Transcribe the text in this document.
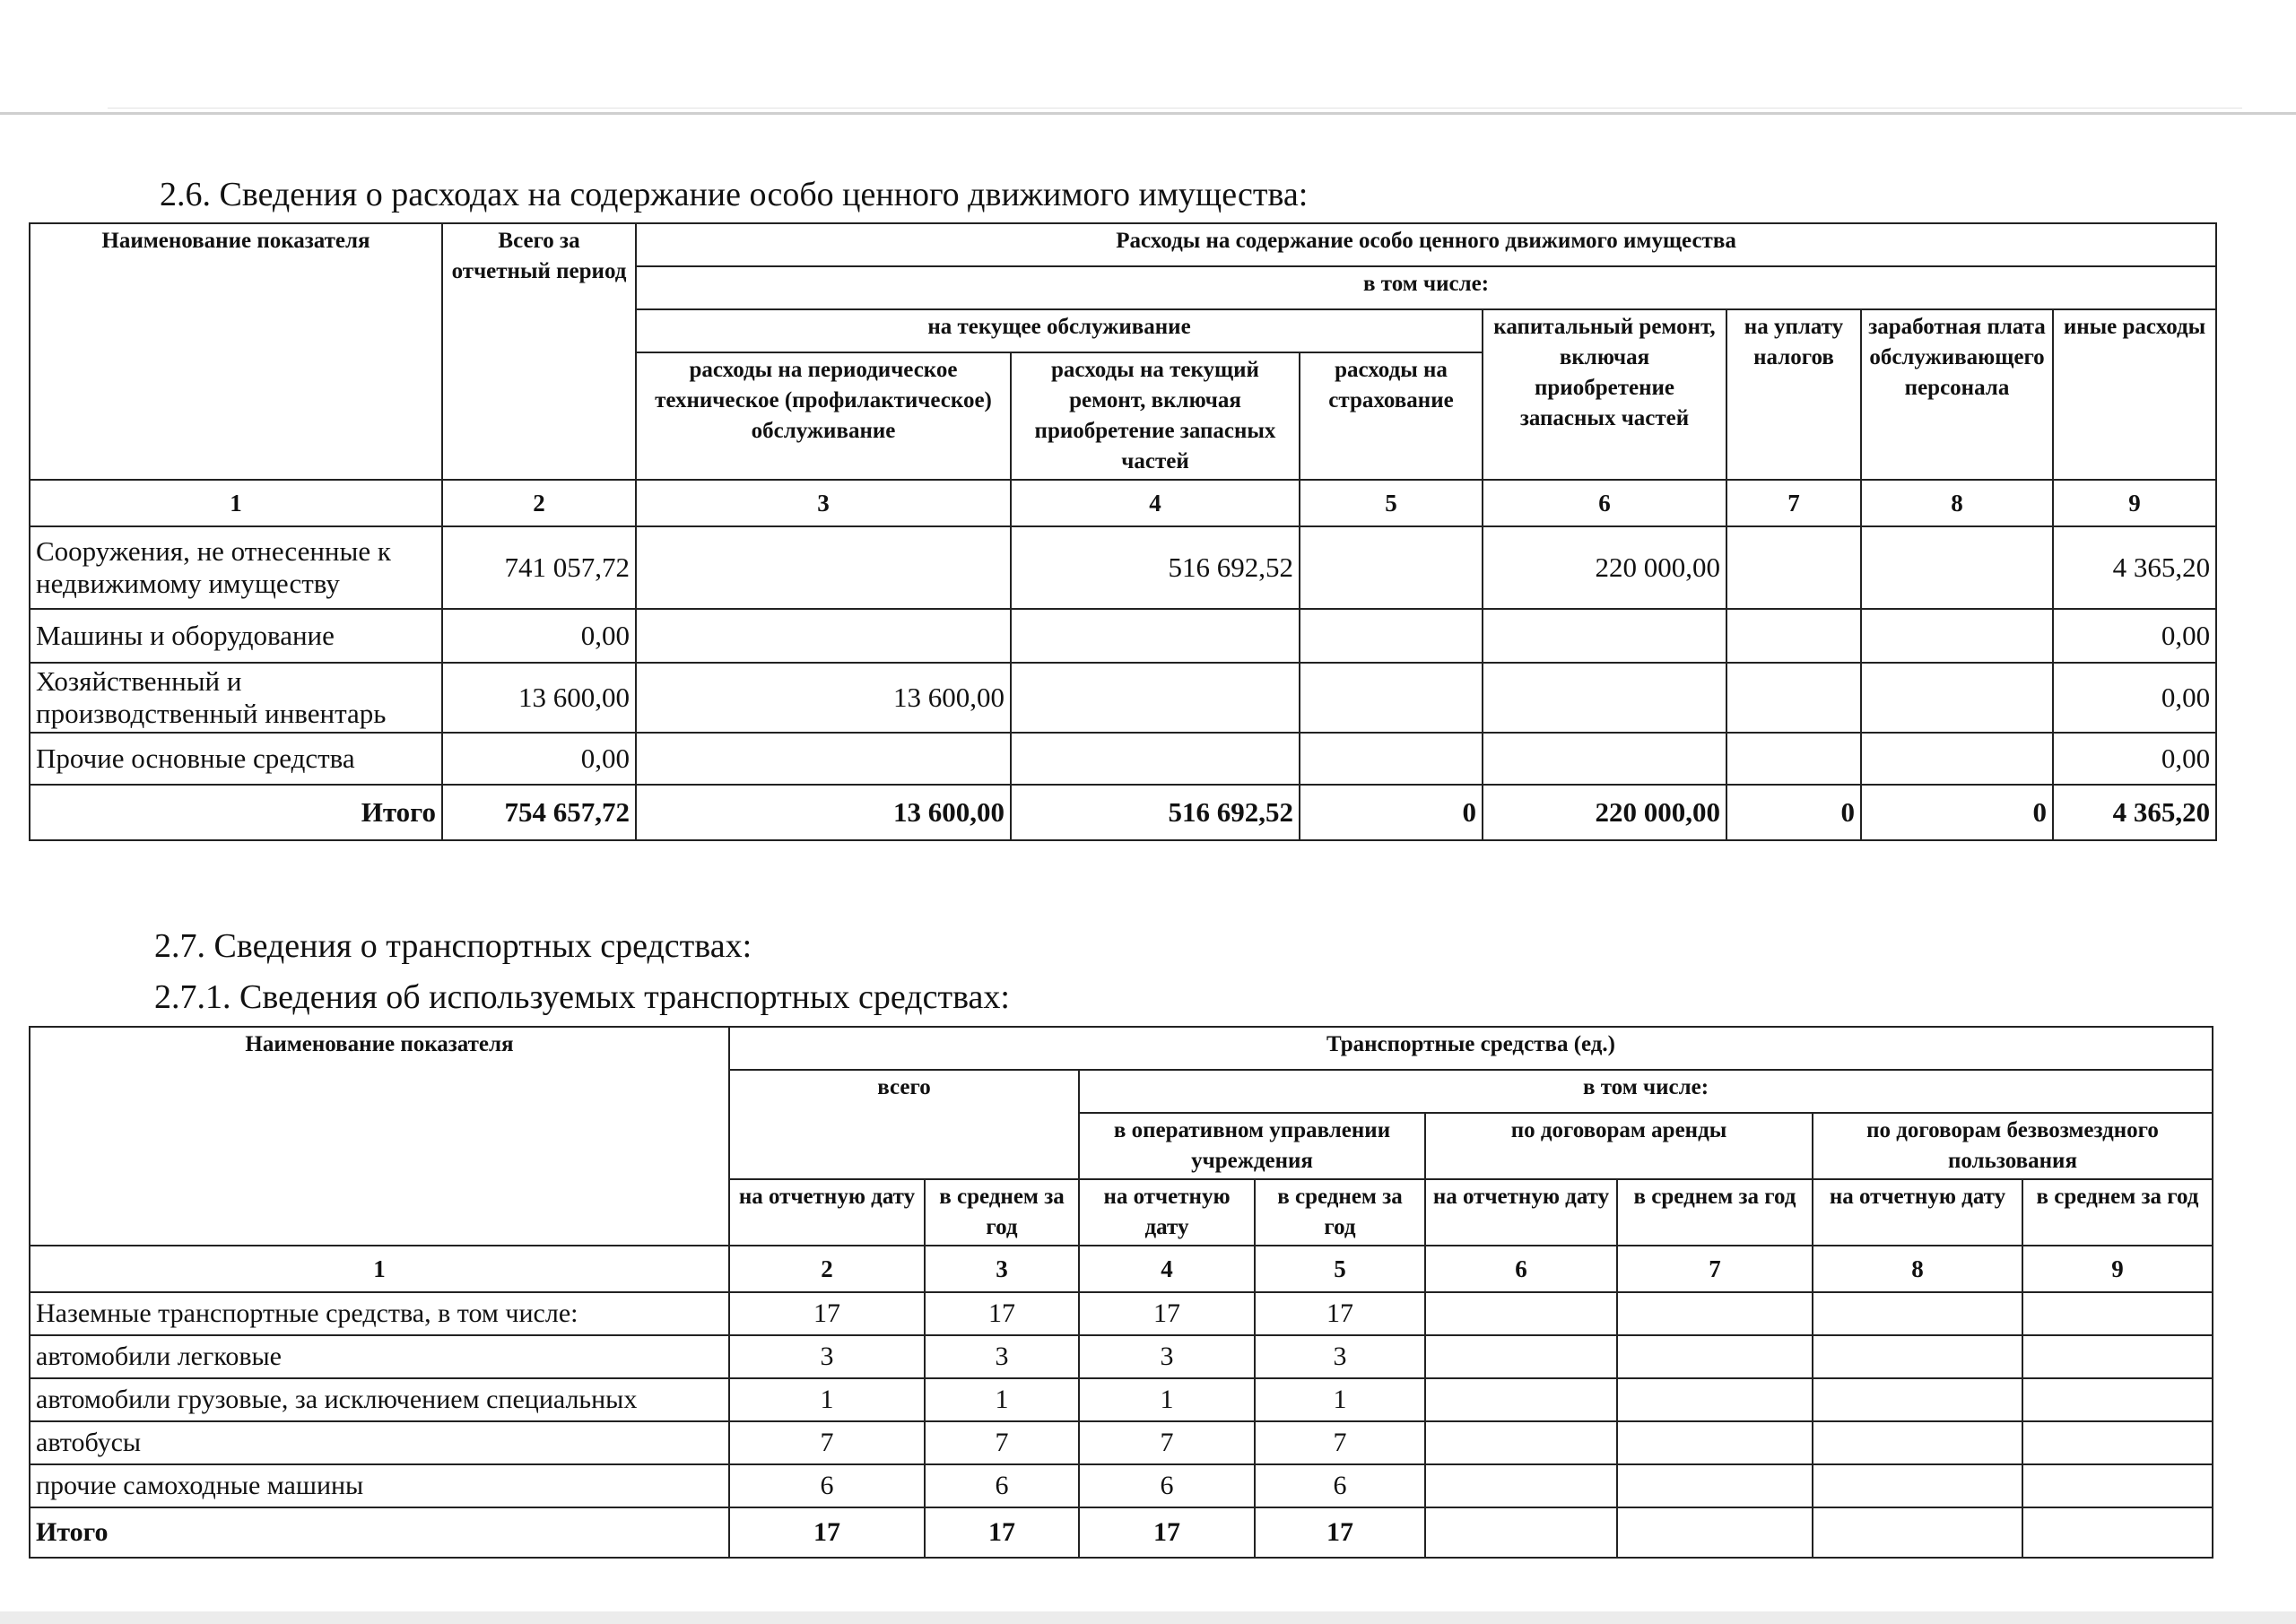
2.6. Сведения о расходах на содержание особо ценного движимого имущества:
Наименование показателя	Всего за отчетный период	Расходы на содержание особо ценного движимого имущества						
		в том числе:						
		на текущее обслуживание			капитальный ремонт, включая приобретение запасных частей	на уплату налогов	заработная плата обслуживающего персонала	иные расходы
		расходы на периодическое техническое (профилактическое) обслуживание	расходы на текущий ремонт, включая приобретение запасных частей	расходы на страхование				
1	2	3	4	5	6	7	8	9
Сооружения, не отнесенные к недвижимому имуществу	741 057,72		516 692,52		220 000,00			4 365,20
Машины и оборудование	0,00							0,00
Хозяйственный и производственный инвентарь	13 600,00	13 600,00						0,00
Прочие основные средства	0,00							0,00
Итого	754 657,72	13 600,00	516 692,52	0	220 000,00	0	0	4 365,20
2.7. Сведения о транспортных средствах:
2.7.1. Сведения об используемых транспортных средствах:
Наименование показателя	Транспортные средства (ед.)							
	всего		в том числе:					
			в оперативном управлении учреждения		по договорам аренды		по договорам безвозмездного пользования	
	на отчетную дату	в среднем за год	на отчетную дату	в среднем за год	на отчетную дату	в среднем за год	на отчетную дату	в среднем за год
1	2	3	4	5	6	7	8	9
Наземные транспортные средства, в том числе:	17	17	17	17				
автомобили легковые	3	3	3	3				
автомобили грузовые, за исключением специальных	1	1	1	1				
автобусы	7	7	7	7				
прочие самоходные машины	6	6	6	6				
Итого	17	17	17	17				
